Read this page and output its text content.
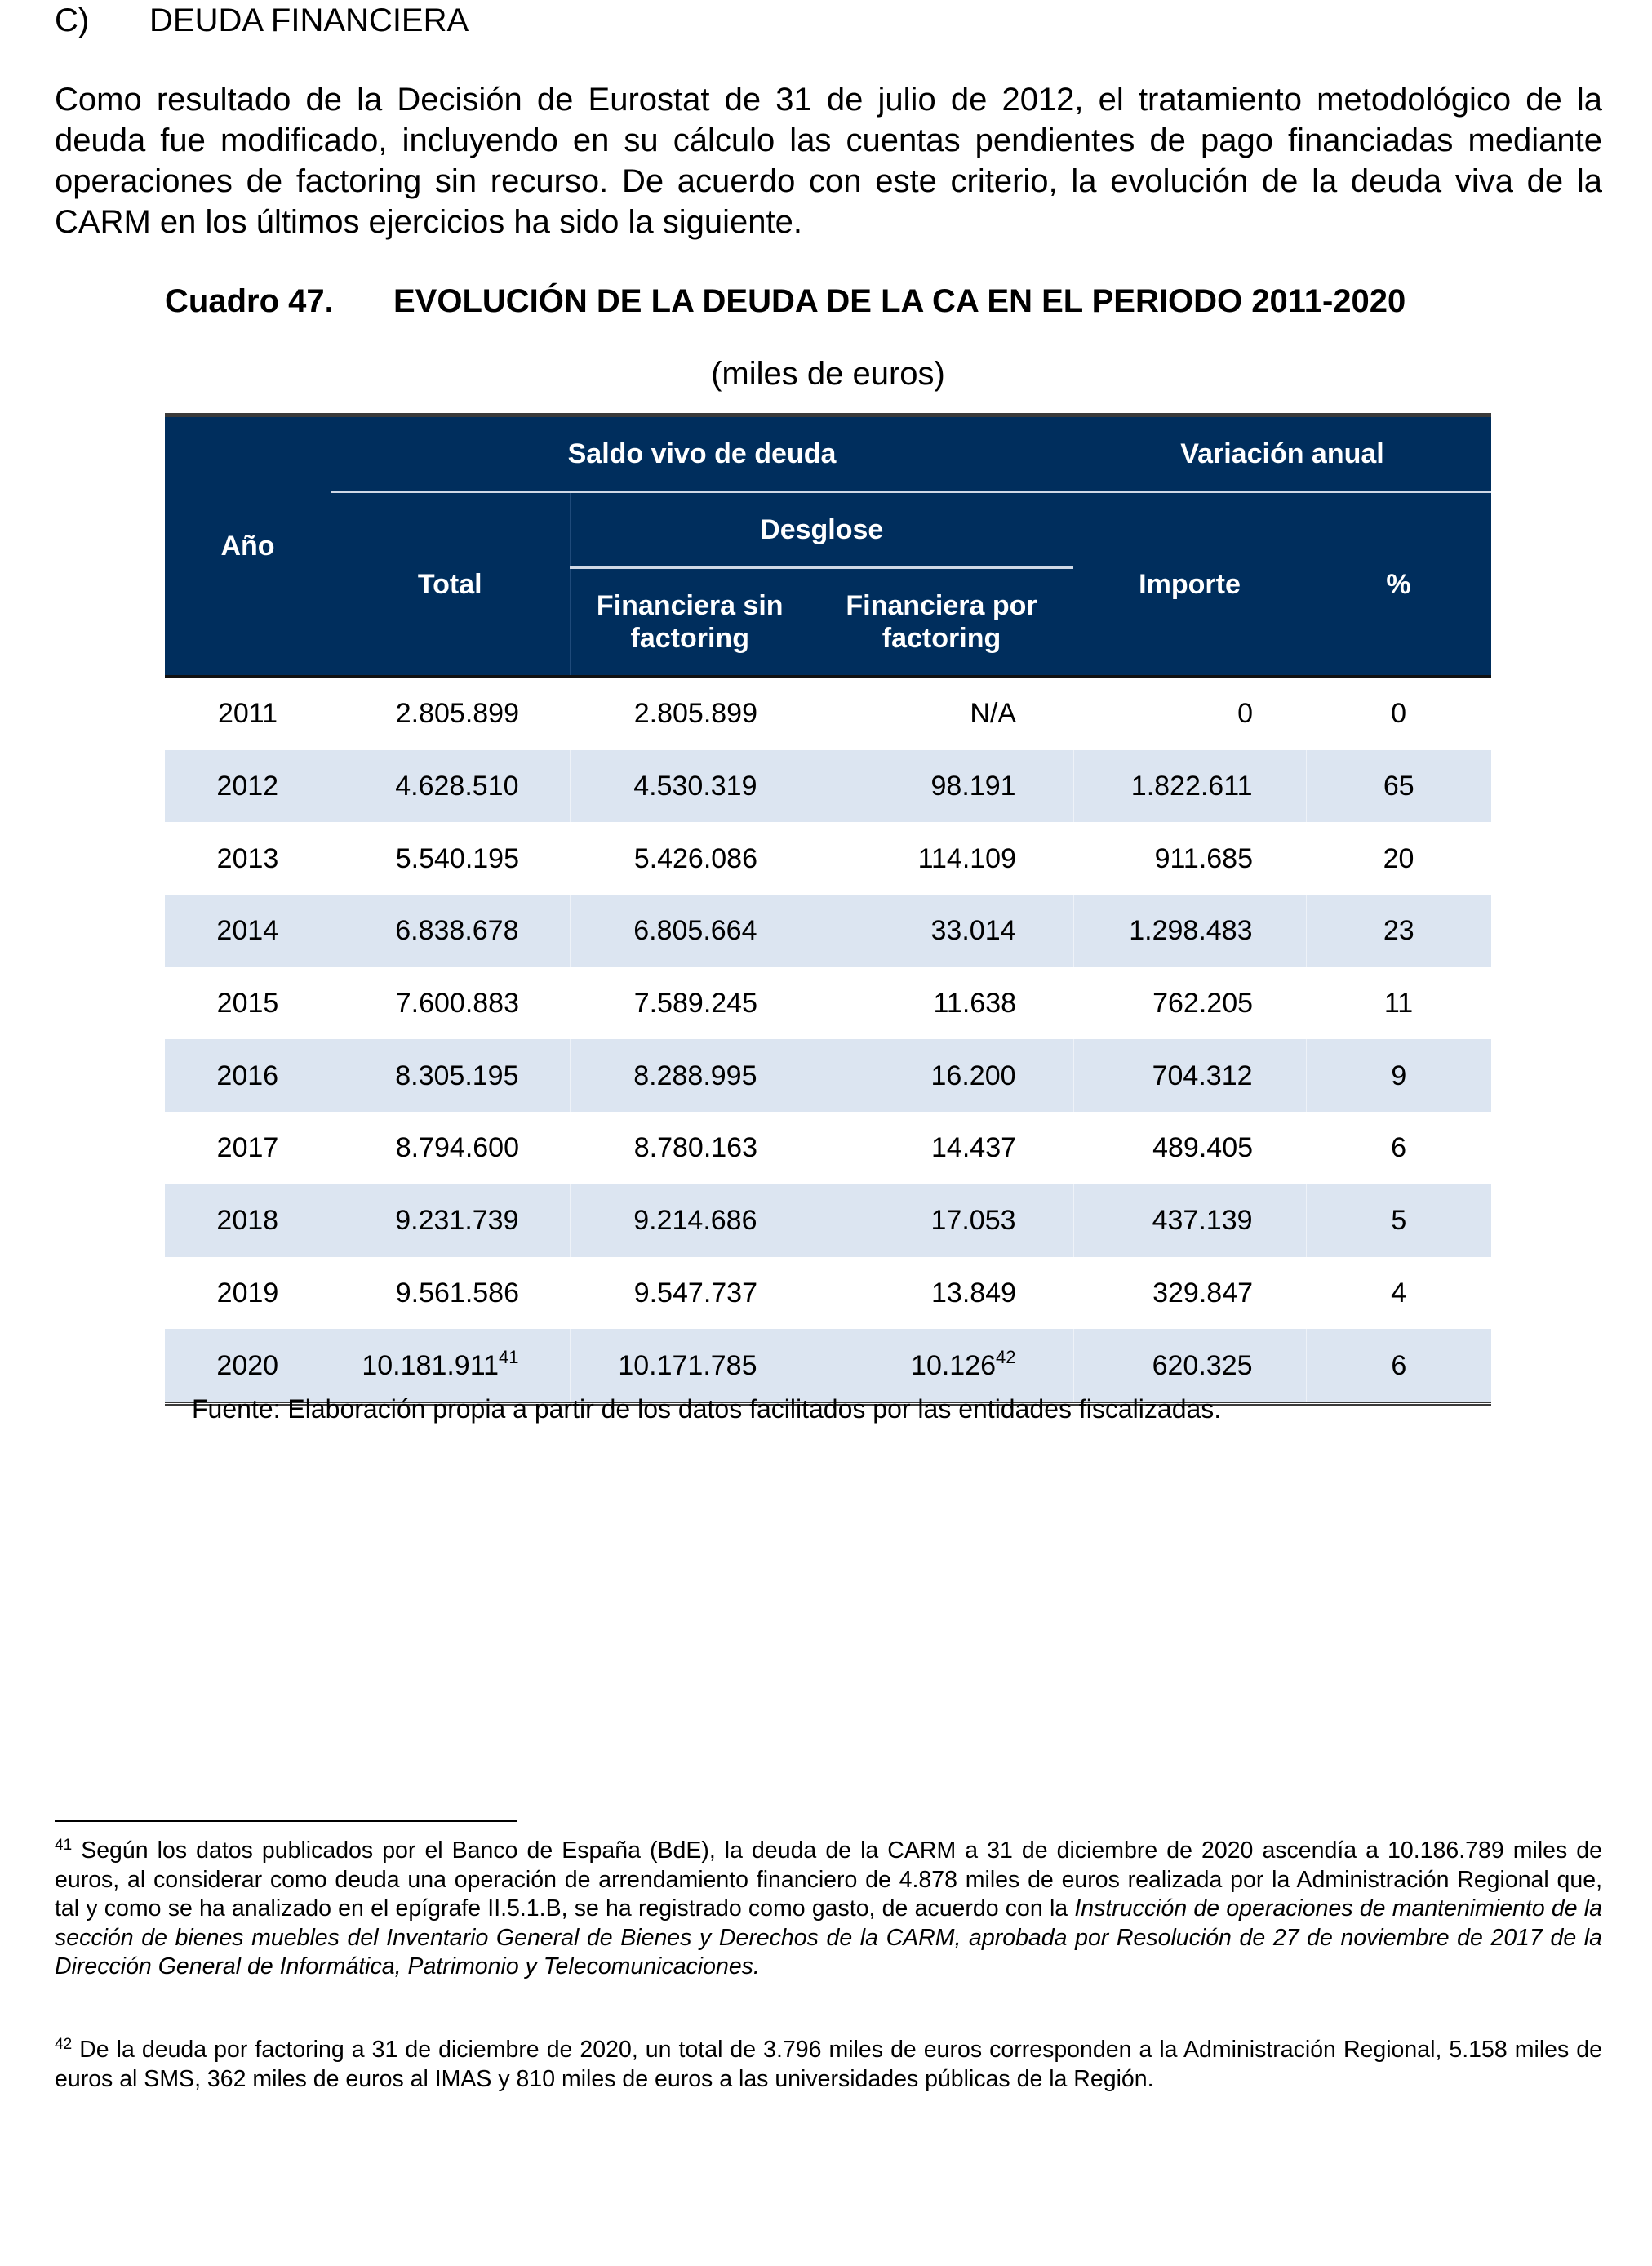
C) DEUDA FINANCIERA

Como resultado de la Decisión de Eurostat de 31 de julio de 2012, el tratamiento metodológico de la deuda fue modificado, incluyendo en su cálculo las cuentas pendientes de pago financiadas mediante operaciones de factoring sin recurso. De acuerdo con este criterio, la evolución de la deuda viva de la CARM en los últimos ejercicios ha sido la siguiente.

Cuadro 47. EVOLUCIÓN DE LA DEUDA DE LA CA EN EL PERIODO 2011-2020
(miles de euros)
Año	Saldo vivo de deuda			Variación anual	
	Total	Desglose		Importe	%
		Financiera sin factoring	Financiera por factoring		
2011	2.805.899	2.805.899	N/A	0	0
2012	4.628.510	4.530.319	98.191	1.822.611	65
2013	5.540.195	5.426.086	114.109	911.685	20
2014	6.838.678	6.805.664	33.014	1.298.483	23
2015	7.600.883	7.589.245	11.638	762.205	11
2016	8.305.195	8.288.995	16.200	704.312	9
2017	8.794.600	8.780.163	14.437	489.405	6
2018	9.231.739	9.214.686	17.053	437.139	5
2019	9.561.586	9.547.737	13.849	329.847	4
2020	10.181.911$^{41}$	10.171.785	10.126$^{42}$	620.325	6
Fuente: Elaboración propia a partir de los datos facilitados por las entidades fiscalizadas.

$^{41}$ Según los datos publicados por el Banco de España (BdE), la deuda de la CARM a 31 de diciembre de 2020 ascendía a 10.186.789 miles de euros, al considerar como deuda una operación de arrendamiento financiero de 4.878 miles de euros realizada por la Administración Regional que, tal y como se ha analizado en el epígrafe II.5.1.B, se ha registrado como gasto, de acuerdo con la Instrucción de operaciones de mantenimiento de la sección de bienes muebles del Inventario General de Bienes y Derechos de la CARM, aprobada por Resolución de 27 de noviembre de 2017 de la Dirección General de Informática, Patrimonio y Telecomunicaciones.

$^{42}$ De la deuda por factoring a 31 de diciembre de 2020, un total de 3.796 miles de euros corresponden a la Administración Regional, 5.158 miles de euros al SMS, 362 miles de euros al IMAS y 810 miles de euros a las universidades públicas de la Región.
